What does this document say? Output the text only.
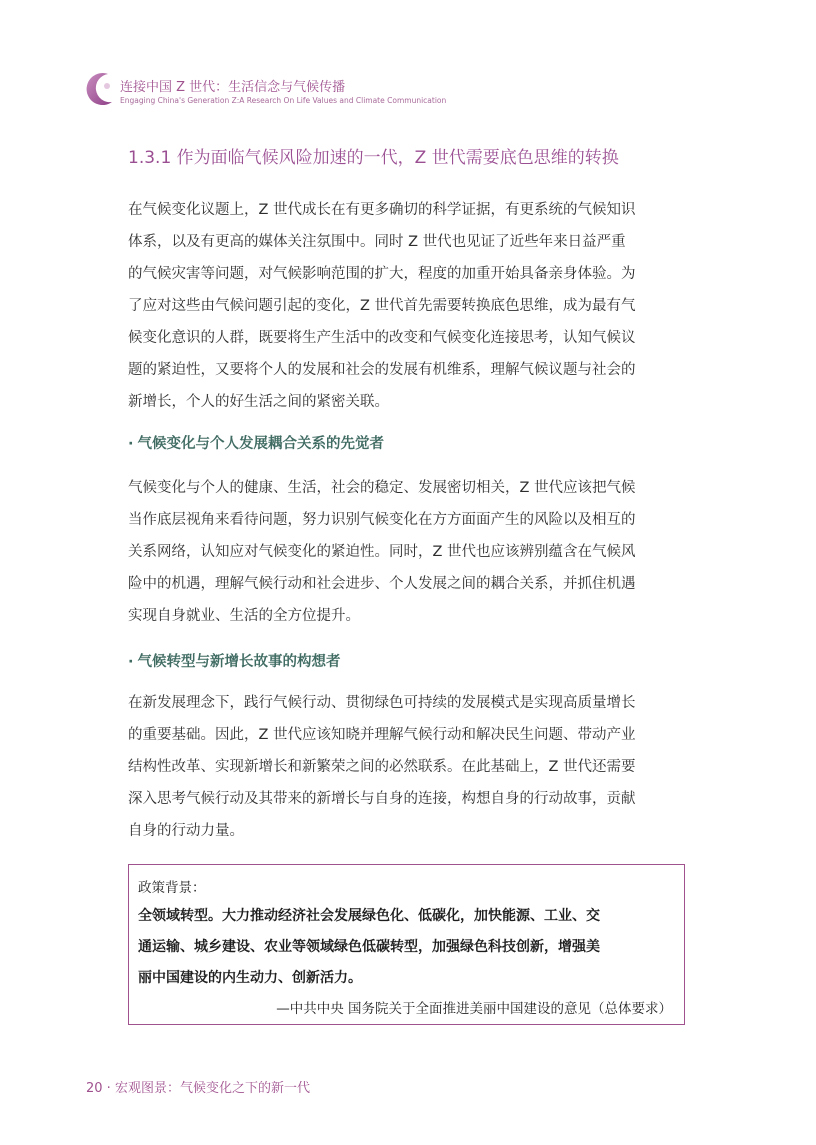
连接中国 Z 世代：生活信念与气候传播
Engaging China's Generation Z:A Research On Life Values and Climate Communication
1.3.1 作为面临气候风险加速的一代，Z 世代需要底色思维的转换
在气候变化议题上，Z 世代成长在有更多确切的科学证据，有更系统的气候知识
体系，以及有更高的媒体关注氛围中。同时 Z 世代也见证了近些年来日益严重
的气候灾害等问题，对气候影响范围的扩大，程度的加重开始具备亲身体验。为
了应对这些由气候问题引起的变化，Z 世代首先需要转换底色思维，成为最有气
候变化意识的人群，既要将生产生活中的改变和气候变化连接思考，认知气候议
题的紧迫性，又要将个人的发展和社会的发展有机维系，理解气候议题与社会的
新增长，个人的好生活之间的紧密关联。
· 气候变化与个人发展耦合关系的先觉者
气候变化与个人的健康、生活，社会的稳定、发展密切相关，Z 世代应该把气候
当作底层视角来看待问题，努力识别气候变化在方方面面产生的风险以及相互的
关系网络，认知应对气候变化的紧迫性。同时，Z 世代也应该辨别蕴含在气候风
险中的机遇，理解气候行动和社会进步、个人发展之间的耦合关系，并抓住机遇
实现自身就业、生活的全方位提升。
· 气候转型与新增长故事的构想者
在新发展理念下，践行气候行动、贯彻绿色可持续的发展模式是实现高质量增长
的重要基础。因此，Z 世代应该知晓并理解气候行动和解决民生问题、带动产业
结构性改革、实现新增长和新繁荣之间的必然联系。在此基础上，Z 世代还需要
深入思考气候行动及其带来的新增长与自身的连接，构想自身的行动故事，贡献
自身的行动力量。
政策背景：
全领域转型。大力推动经济社会发展绿色化、低碳化，加快能源、工业、交
通运输、城乡建设、农业等领域绿色低碳转型，加强绿色科技创新，增强美
丽中国建设的内生动力、创新活力。
—中共中央 国务院关于全面推进美丽中国建设的意见（总体要求）
20 · 宏观图景：气候变化之下的新一代
